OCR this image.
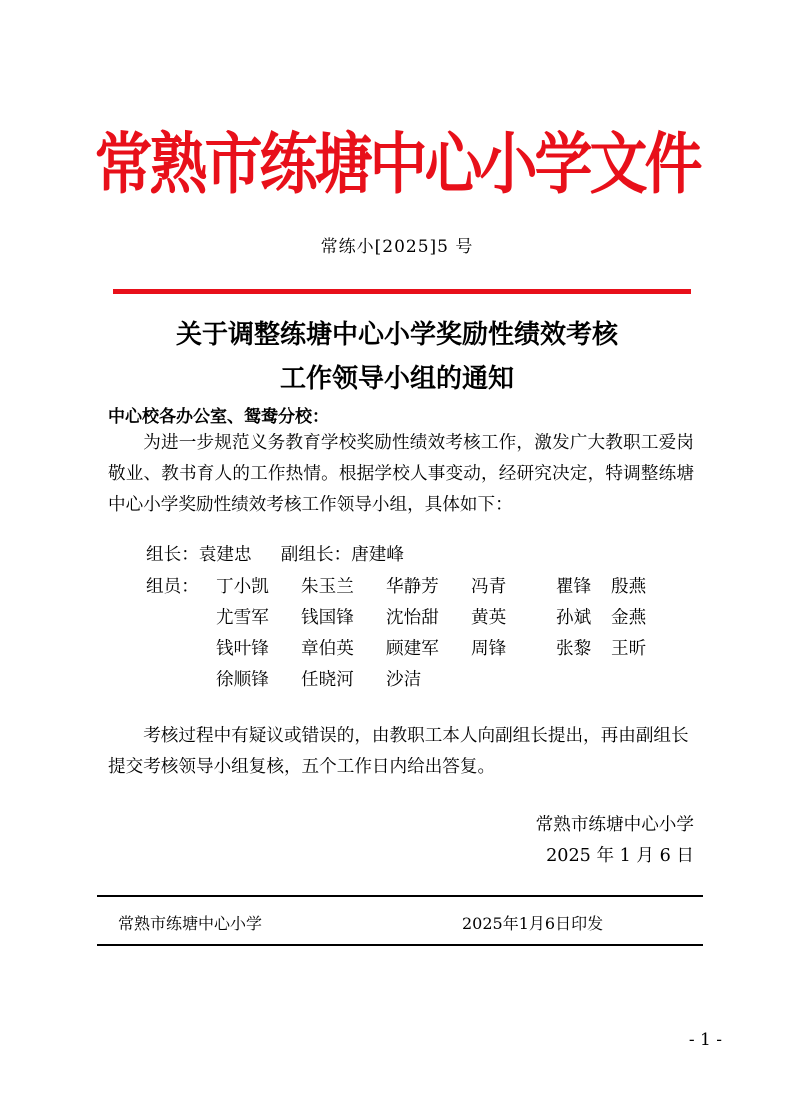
常熟市练塘中心小学文件
常练小[2025]5 号
关于调整练塘中心小学奖励性绩效考核
工作领导小组的通知
中心校各办公室、鸳鸯分校：

为进一步规范义务教育学校奖励性绩效考核工作，激发广大教职工爱岗敬业、教书育人的工作热情。根据学校人事变动，经研究决定，特调整练塘中心小学奖励性绩效考核工作领导小组，具体如下：

组长：袁建忠 副组长：唐建峰
组员： 丁小凯	朱玉兰	华静芳	冯青	瞿锋	殷燕
尤雪军	钱国锋	沈怡甜	黄英	孙斌	金燕
钱叶锋	章伯英	顾建军	周锋	张黎	王昕
徐顺锋	任晓河	沙洁

考核过程中有疑议或错误的，由教职工本人向副组长提出，再由副组长提交考核领导小组复核，五个工作日内给出答复。

常熟市练塘中心小学
2025 年 1 月 6 日
常熟市练塘中心小学	2025年1月6日印发
- 1 -
